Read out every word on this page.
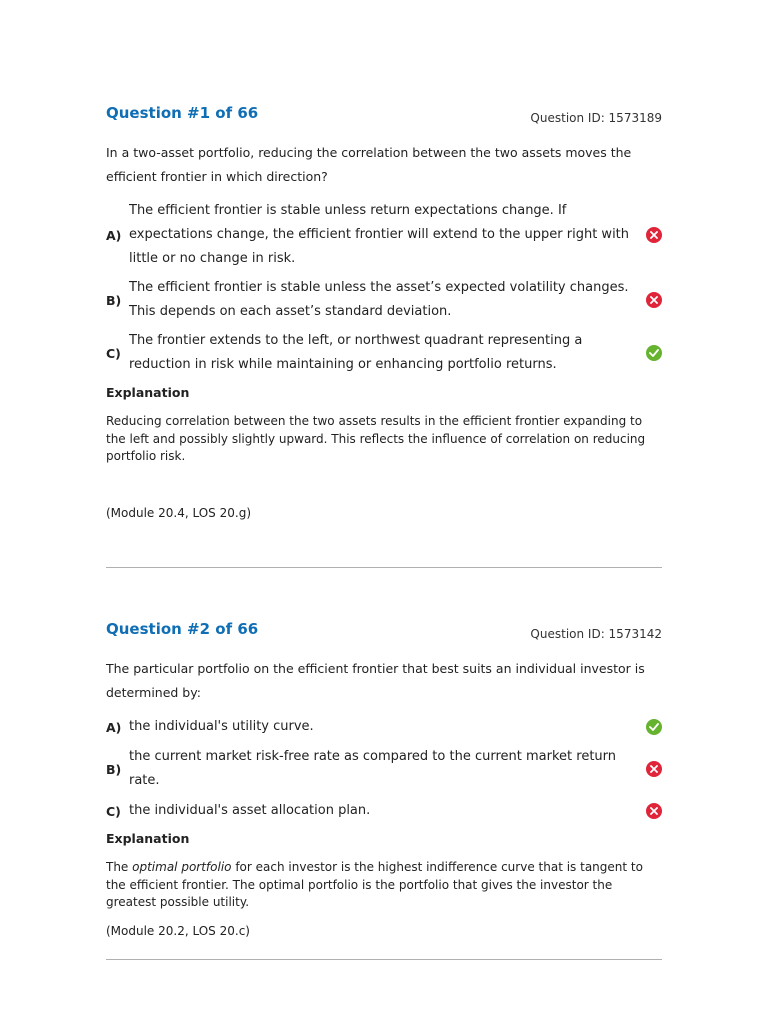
Question #1 of 66	Question ID: 1573189
In a two-asset portfolio, reducing the correlation between the two assets moves the efficient frontier in which direction?
A)
The efficient frontier is stable unless return expectations change. If expectations change, the efficient frontier will extend to the upper right with little or no change in risk.
B)
The efficient frontier is stable unless the asset’s expected volatility changes. This depends on each asset’s standard deviation.
C)
The frontier extends to the left, or northwest quadrant representing a reduction in risk while maintaining or enhancing portfolio returns.
Explanation
Reducing correlation between the two assets results in the efficient frontier expanding to the left and possibly slightly upward. This reflects the influence of correlation on reducing portfolio risk.
(Module 20.4, LOS 20.g)
Question #2 of 66	Question ID: 1573142
The particular portfolio on the efficient frontier that best suits an individual investor is determined by:
A) the individual's utility curve.
B)
the current market risk-free rate as compared to the current market return rate.
C) the individual's asset allocation plan.
Explanation
The optimal portfolio for each investor is the highest indifference curve that is tangent to the efficient frontier. The optimal portfolio is the portfolio that gives the investor the greatest possible utility.
(Module 20.2, LOS 20.c)
